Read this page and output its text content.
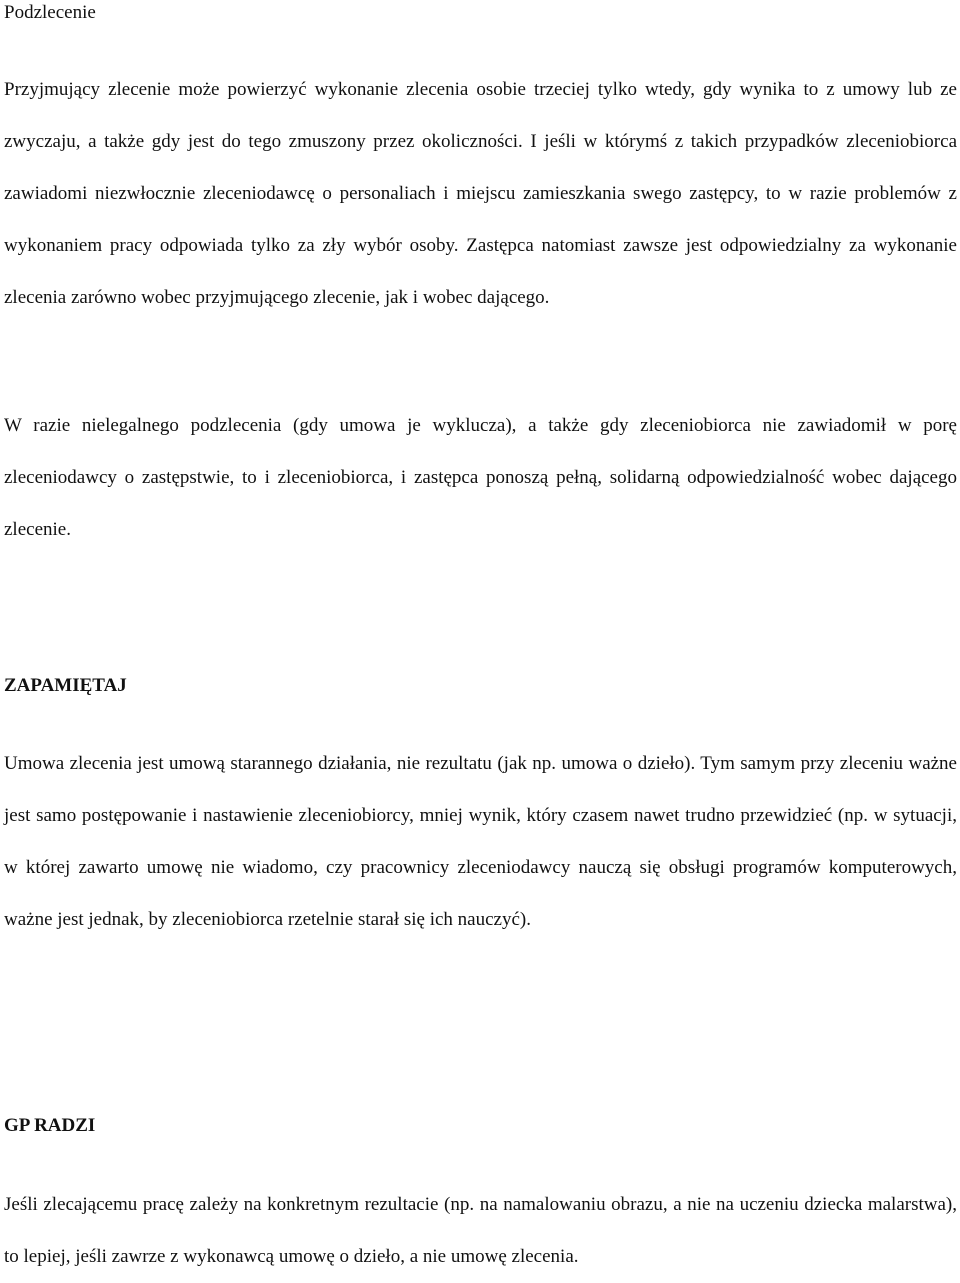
Podzlecenie

Przyjmujący zlecenie może powierzyć wykonanie zlecenia osobie trzeciej tylko wtedy, gdy wynika to z umowy lub ze zwyczaju, a także gdy jest do tego zmuszony przez okoliczności. I jeśli w którymś z takich przypadków zleceniobiorca zawiadomi niezwłocznie zleceniodawcę o personaliach i miejscu zamieszkania swego zastępcy, to w razie problemów z wykonaniem pracy odpowiada tylko za zły wybór osoby. Zastępca natomiast zawsze jest odpowiedzialny za wykonanie zlecenia zarówno wobec przyjmującego zlecenie, jak i wobec dającego.

W razie nielegalnego podzlecenia (gdy umowa je wyklucza), a także gdy zleceniobiorca nie zawiadomił w porę zleceniodawcy o zastępstwie, to i zleceniobiorca, i zastępca ponoszą pełną, solidarną odpowiedzialność wobec dającego zlecenie.

ZAPAMIĘTAJ

Umowa zlecenia jest umową starannego działania, nie rezultatu (jak np. umowa o dzieło). Tym samym przy zleceniu ważne jest samo postępowanie i nastawienie zleceniobiorcy, mniej wynik, który czasem nawet trudno przewidzieć (np. w sytuacji, w której zawarto umowę nie wiadomo, czy pracownicy zleceniodawcy nauczą się obsługi programów komputerowych, ważne jest jednak, by zleceniobiorca rzetelnie starał się ich nauczyć).

GP RADZI

Jeśli zlecającemu pracę zależy na konkretnym rezultacie (np. na namalowaniu obrazu, a nie na uczeniu dziecka malarstwa), to lepiej, jeśli zawrze z wykonawcą umowę o dzieło, a nie umowę zlecenia.
